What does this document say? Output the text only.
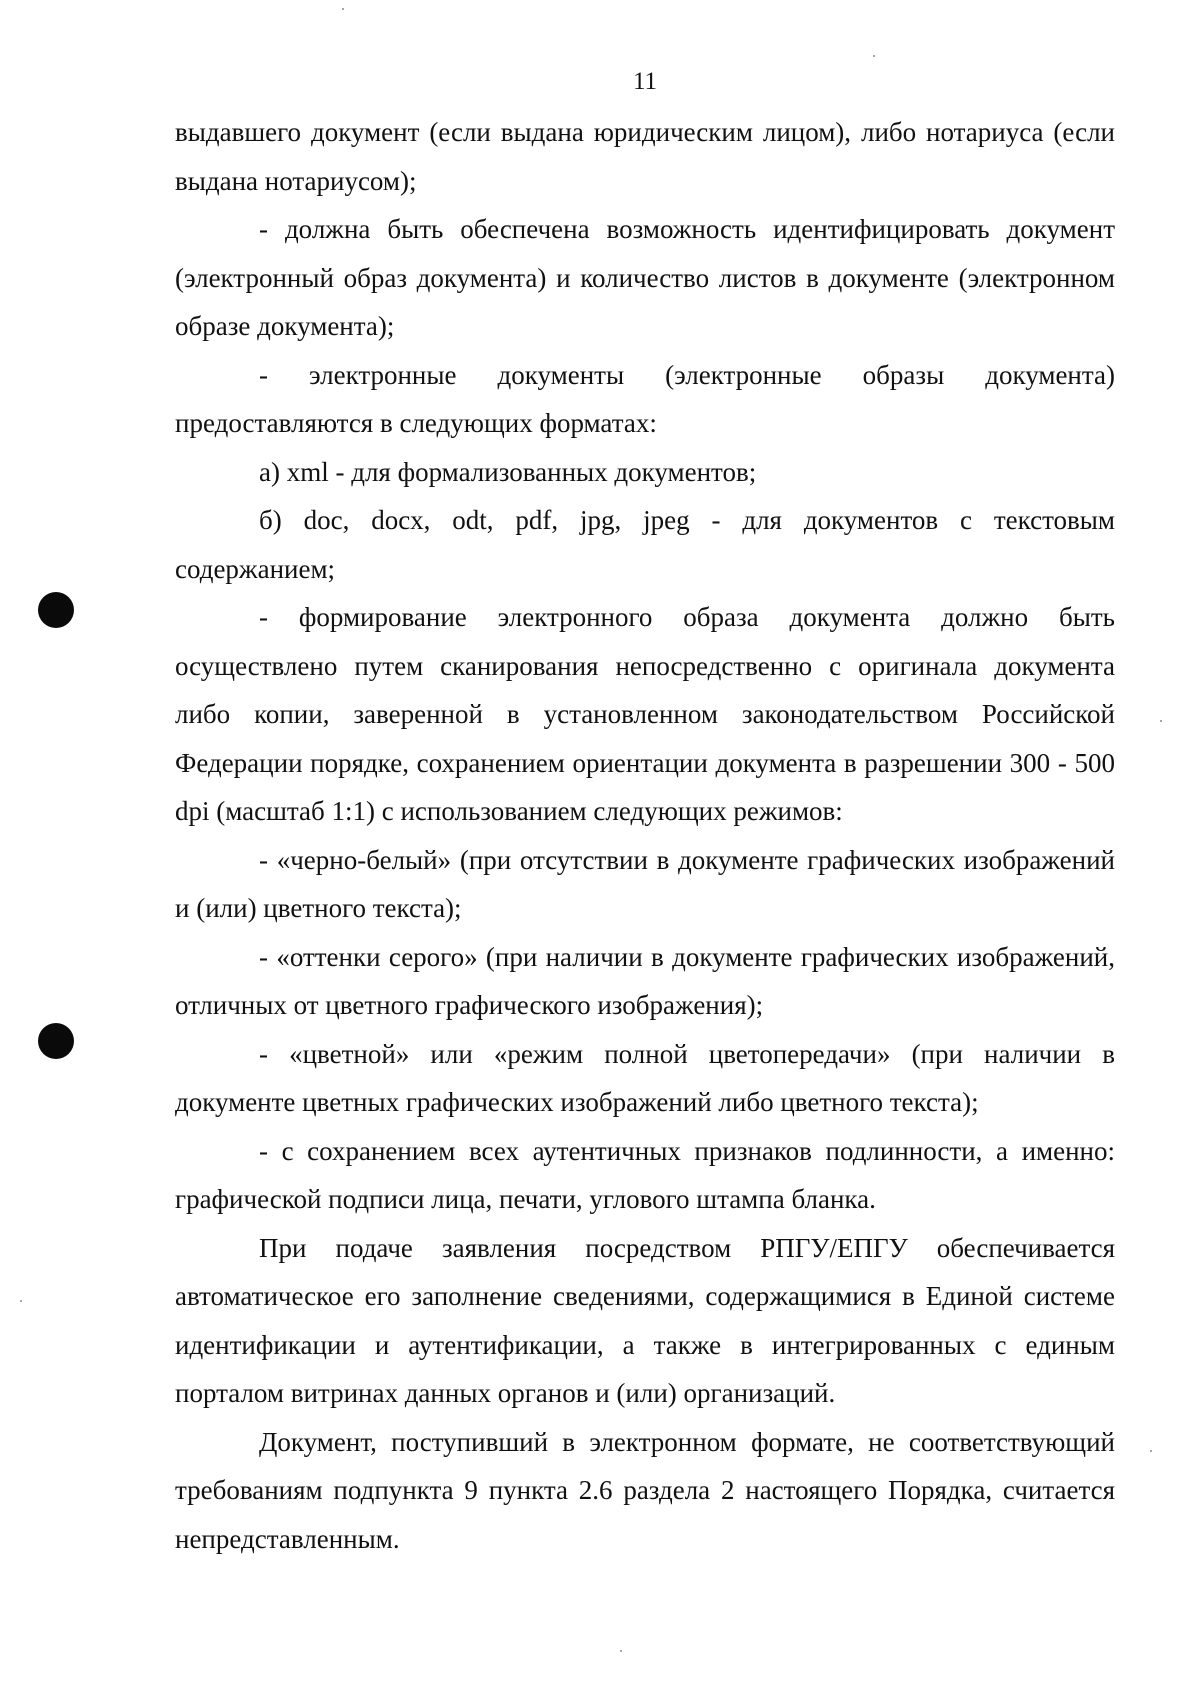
11

выдавшего документ (если выдана юридическим лицом), либо нотариуса (если выдана нотариусом);

- должна быть обеспечена возможность идентифицировать документ (электронный образ документа) и количество листов в документе (электронном образе документа);

- электронные документы (электронные образы документа) предоставляются в следующих форматах:

а) xml - для формализованных документов;

б) doc, docx, odt, pdf, jpg, jpeg - для документов с текстовым содержанием;

- формирование электронного образа документа должно быть осуществлено путем сканирования непосредственно с оригинала документа либо копии, заверенной в установленном законодательством Российской Федерации порядке, сохранением ориентации документа в разрешении 300 - 500 dpi (масштаб 1:1) с использованием следующих режимов:

- «черно-белый» (при отсутствии в документе графических изображений и (или) цветного текста);

- «оттенки серого» (при наличии в документе графических изображений, отличных от цветного графического изображения);

- «цветной» или «режим полной цветопередачи» (при наличии в документе цветных графических изображений либо цветного текста);

- с сохранением всех аутентичных признаков подлинности, а именно: графической подписи лица, печати, углового штампа бланка.

При подаче заявления посредством РПГУ/ЕПГУ обеспечивается автоматическое его заполнение сведениями, содержащимися в Единой системе идентификации и аутентификации, а также в интегрированных с единым порталом витринах данных органов и (или) организаций.

Документ, поступивший в электронном формате, не соответствующий требованиям подпункта 9 пункта 2.6 раздела 2 настоящего Порядка, считается непредставленным.
